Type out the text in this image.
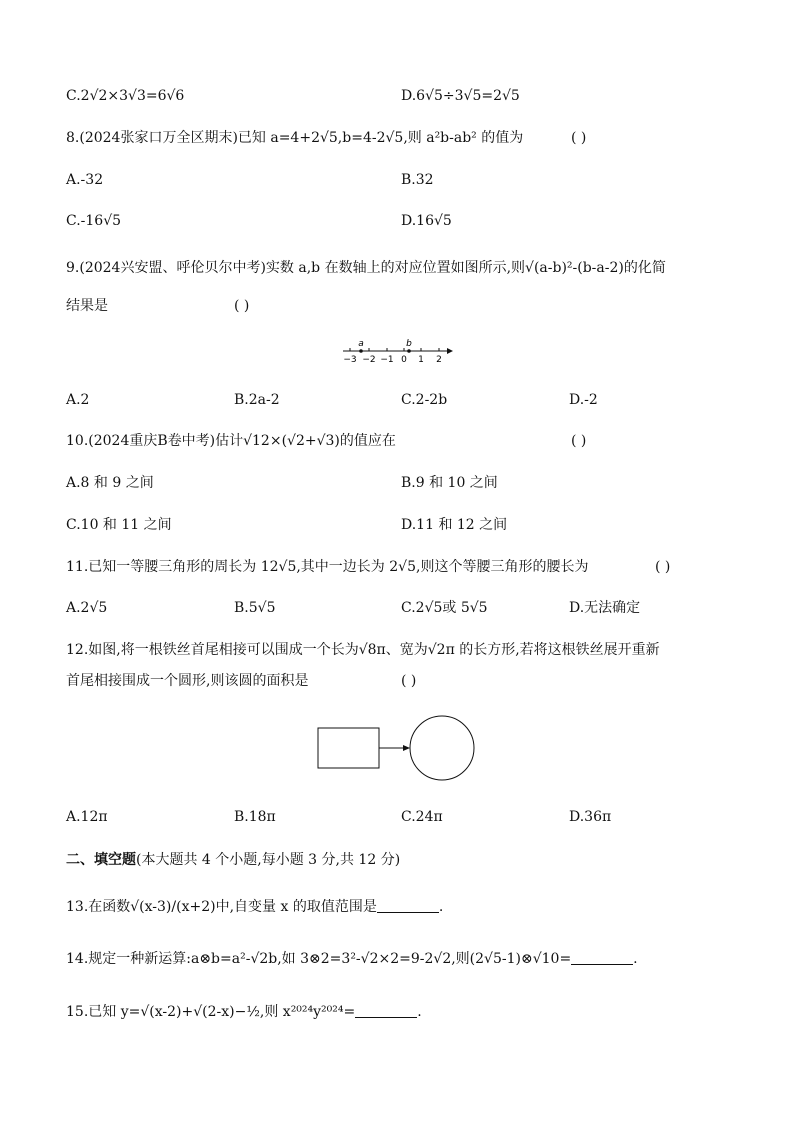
C.2√2×3√3=6√6	D.6√5÷3√5=2√5
8.(2024张家口万全区期末)已知 a=4+2√5,b=4-2√5,则 a²b-ab² 的值为	( )
A.-32	B.32
C.-16√5	D.16√5
9.(2024兴安盟、呼伦贝尔中考)实数 a,b 在数轴上的对应位置如图所示,则√(a-b)²-(b-a-2)的化简
结果是	( )
a	b
−3 −2 −1 0 1 2
A.2	B.2a-2	C.2-2b	D.-2
10.(2024重庆B卷中考)估计√12×(√2+√3)的值应在	( )
A.8 和 9 之间	B.9 和 10 之间
C.10 和 11 之间	D.11 和 12 之间
11.已知一等腰三角形的周长为 12√5,其中一边长为 2√5,则这个等腰三角形的腰长为	( )
A.2√5	B.5√5	C.2√5或 5√5	D.无法确定
12.如图,将一根铁丝首尾相接可以围成一个长为√8π、宽为√2π 的长方形,若将这根铁丝展开重新
首尾相接围成一个圆形,则该圆的面积是	( )
A.12π	B.18π	C.24π	D.36π
二、填空题(本大题共 4 个小题,每小题 3 分,共 12 分)
13.在函数√(x-3)/(x+2)中,自变量 x 的取值范围是	.
14.规定一种新运算:a⊗b=a²-√2b,如 3⊗2=3²-√2×2=9-2√2,则(2√5-1)⊗√10=	.
15.已知 y=√(x-2)+√(2-x)−½,则 x²⁰²⁴y²⁰²⁴=	.
